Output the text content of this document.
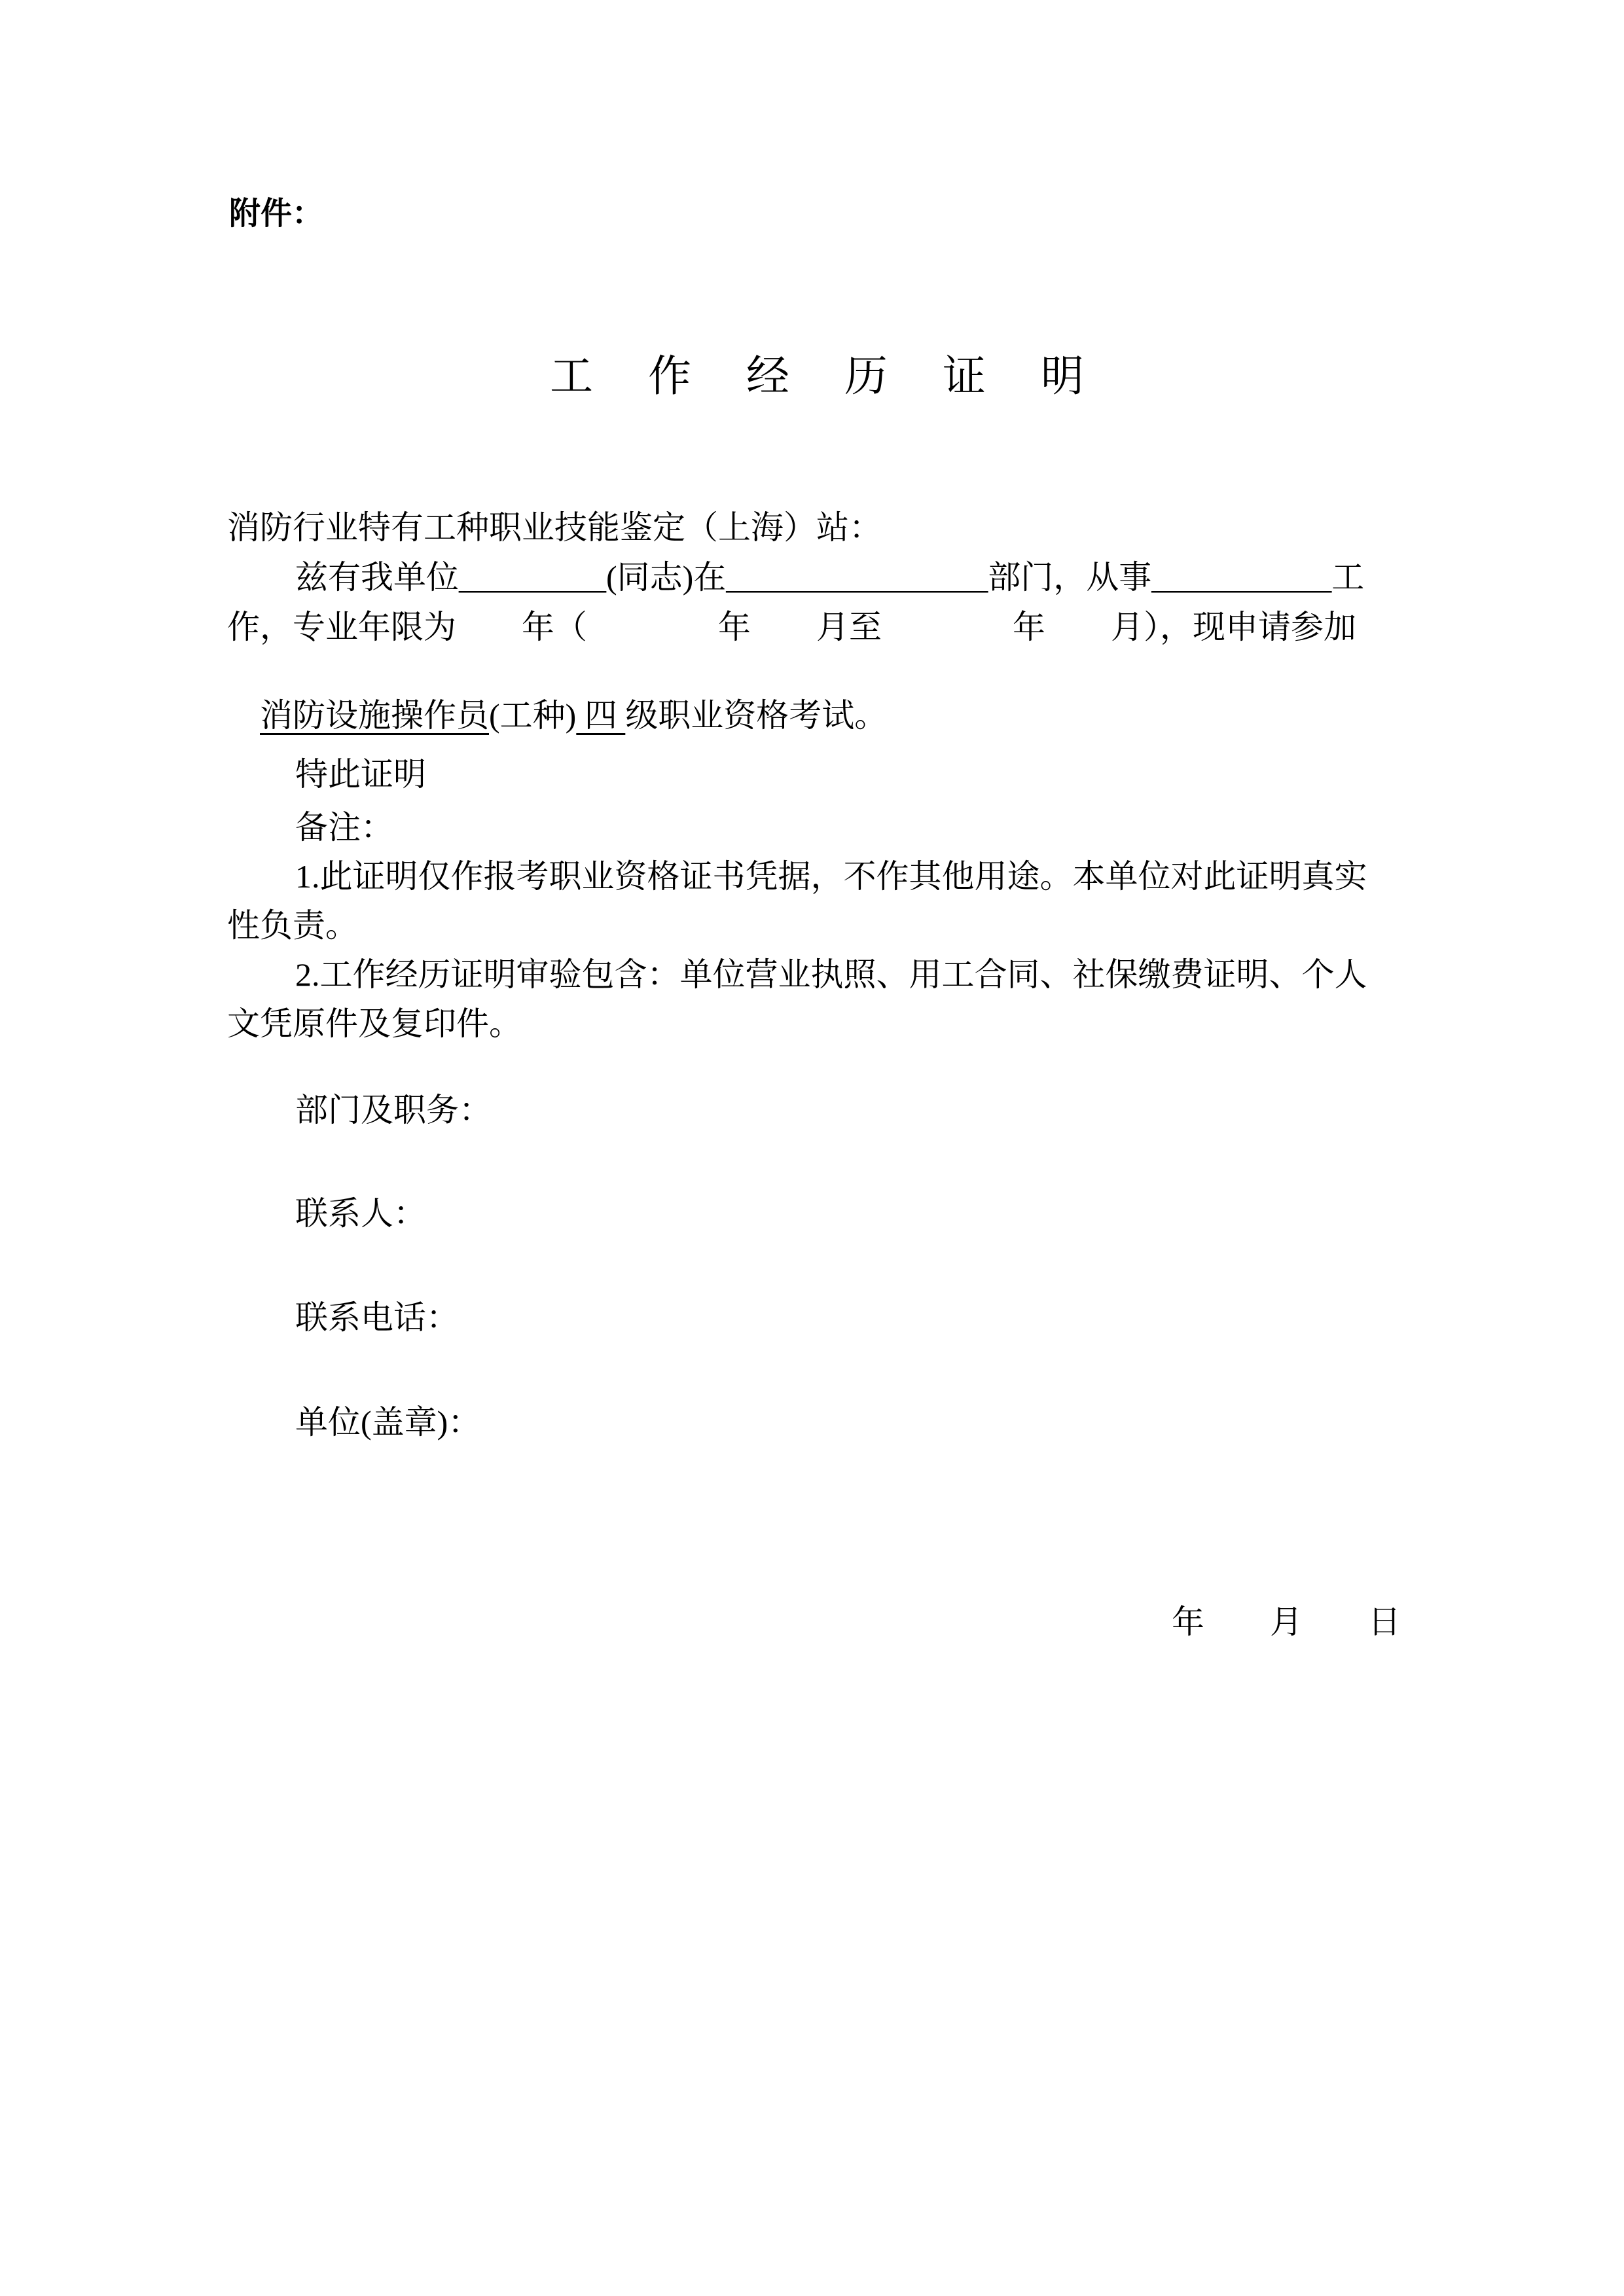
附件：
工　作　经　历　证　明
消防行业特有工种职业技能鉴定（上海）站：
兹有我单位_________(同志)在________________部门，从事___________工
作，专业年限为　　年（　　　　年　　月至　　　　年　　月），现申请参加

消防设施操作员(工种) 四 级职业资格考试。

特此证明
备注：
1.此证明仅作报考职业资格证书凭据，不作其他用途。本单位对此证明真实
性负责。
2.工作经历证明审验包含：单位营业执照、用工合同、社保缴费证明、个人
文凭原件及复印件。
部门及职务：
联系人：
联系电话：
单位(盖章)：
年　　月　　日
